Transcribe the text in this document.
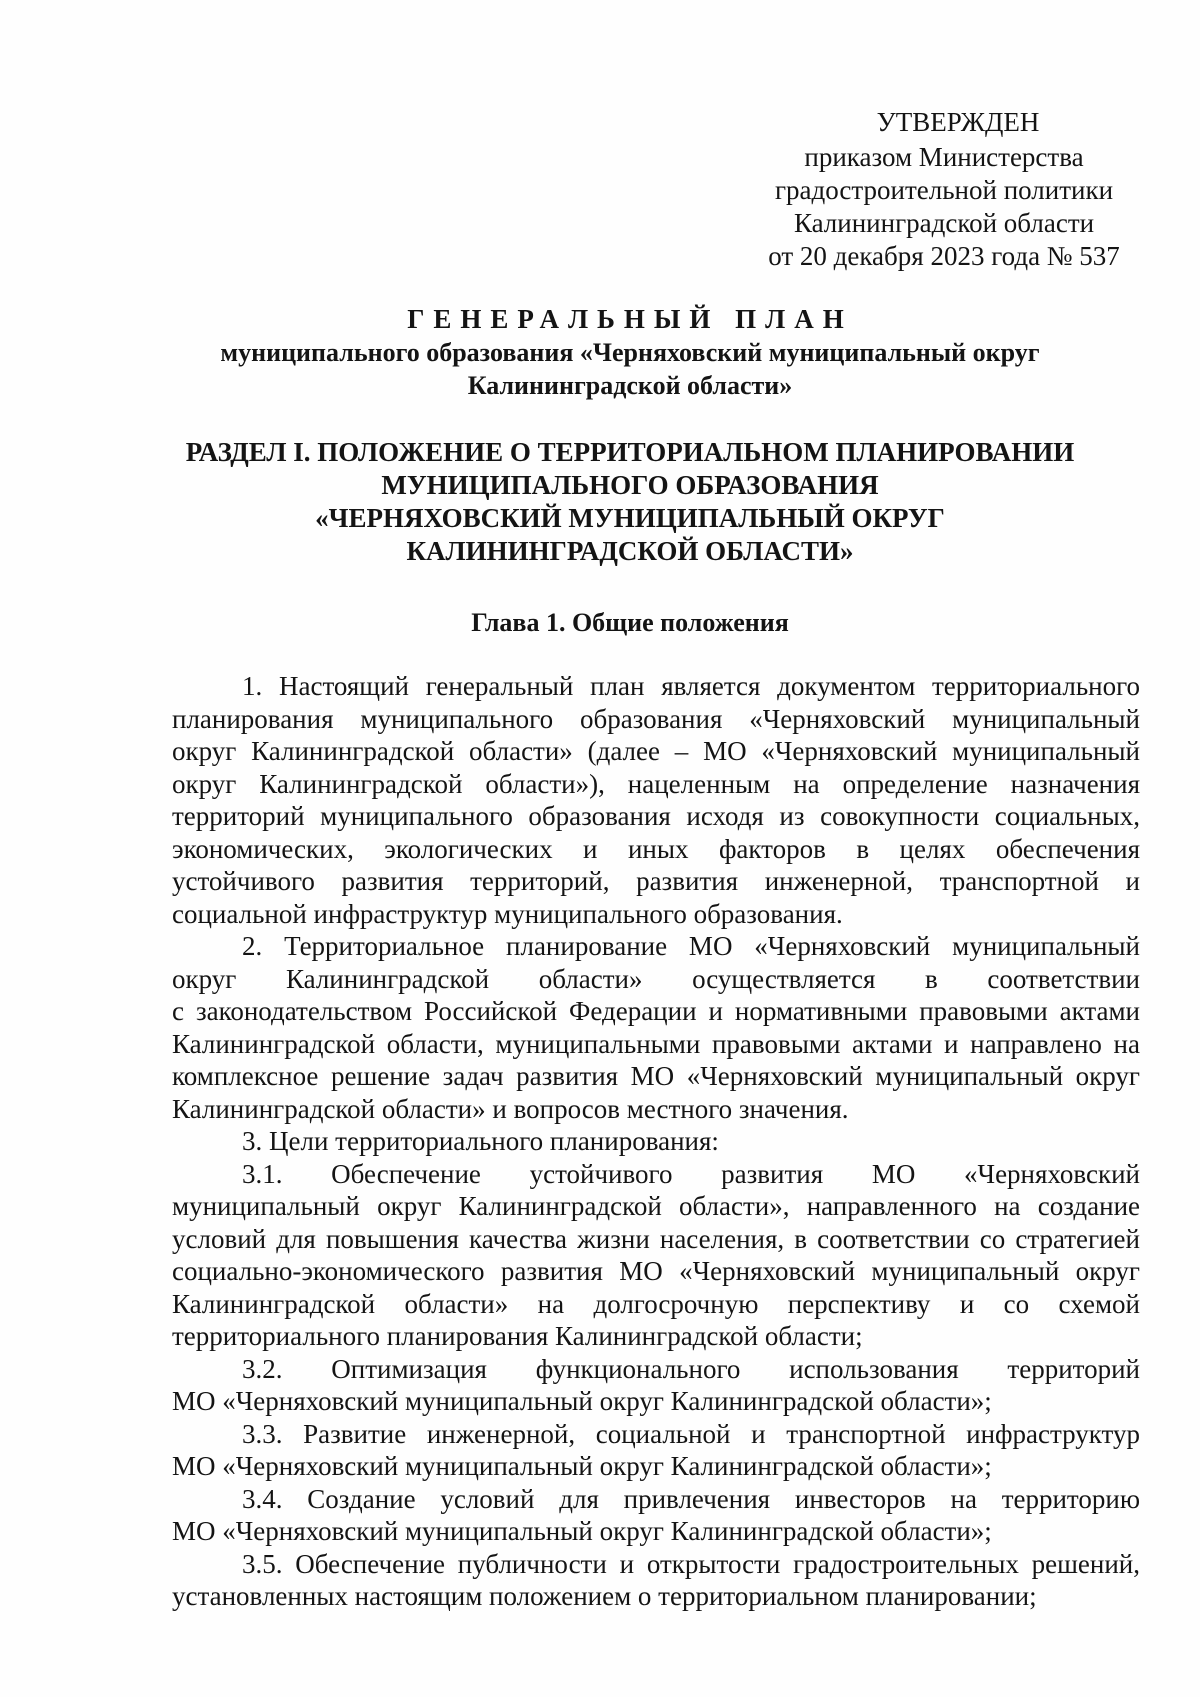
УТВЕРЖДЕН
приказом Министерства
градостроительной политики
Калининградской области
от 20 декабря 2023 года № 537
ГЕНЕРАЛЬНЫЙ ПЛАН
муниципального образования «Черняховский муниципальный округ
Калининградской области»
РАЗДЕЛ I. ПОЛОЖЕНИЕ О ТЕРРИТОРИАЛЬНОМ ПЛАНИРОВАНИИ
МУНИЦИПАЛЬНОГО ОБРАЗОВАНИЯ
«ЧЕРНЯХОВСКИЙ МУНИЦИПАЛЬНЫЙ ОКРУГ
КАЛИНИНГРАДСКОЙ ОБЛАСТИ»
Глава 1. Общие положения
1. Настоящий генеральный план является документом территориального
планирования муниципального образования «Черняховский муниципальный
округ Калининградской области» (далее – МО «Черняховский муниципальный
округ Калининградской области»), нацеленным на определение назначения
территорий муниципального образования исходя из совокупности социальных,
экономических, экологических и иных факторов в целях обеспечения
устойчивого развития территорий, развития инженерной, транспортной и
социальной инфраструктур муниципального образования.
2. Территориальное планирование МО «Черняховский муниципальный
округ Калининградской области» осуществляется в соответствии
с законодательством Российской Федерации и нормативными правовыми актами
Калининградской области, муниципальными правовыми актами и направлено на
комплексное решение задач развития МО «Черняховский муниципальный округ
Калининградской области» и вопросов местного значения.
3. Цели территориального планирования:
3.1. Обеспечение устойчивого развития МО «Черняховский
муниципальный округ Калининградской области», направленного на создание
условий для повышения качества жизни населения, в соответствии со стратегией
социально-экономического развития МО «Черняховский муниципальный округ
Калининградской области» на долгосрочную перспективу и со схемой
территориального планирования Калининградской области;
3.2. Оптимизация функционального использования территорий
МО «Черняховский муниципальный округ Калининградской области»;
3.3. Развитие инженерной, социальной и транспортной инфраструктур
МО «Черняховский муниципальный округ Калининградской области»;
3.4. Создание условий для привлечения инвесторов на территорию
МО «Черняховский муниципальный округ Калининградской области»;
3.5. Обеспечение публичности и открытости градостроительных решений,
установленных настоящим положением о территориальном планировании;
